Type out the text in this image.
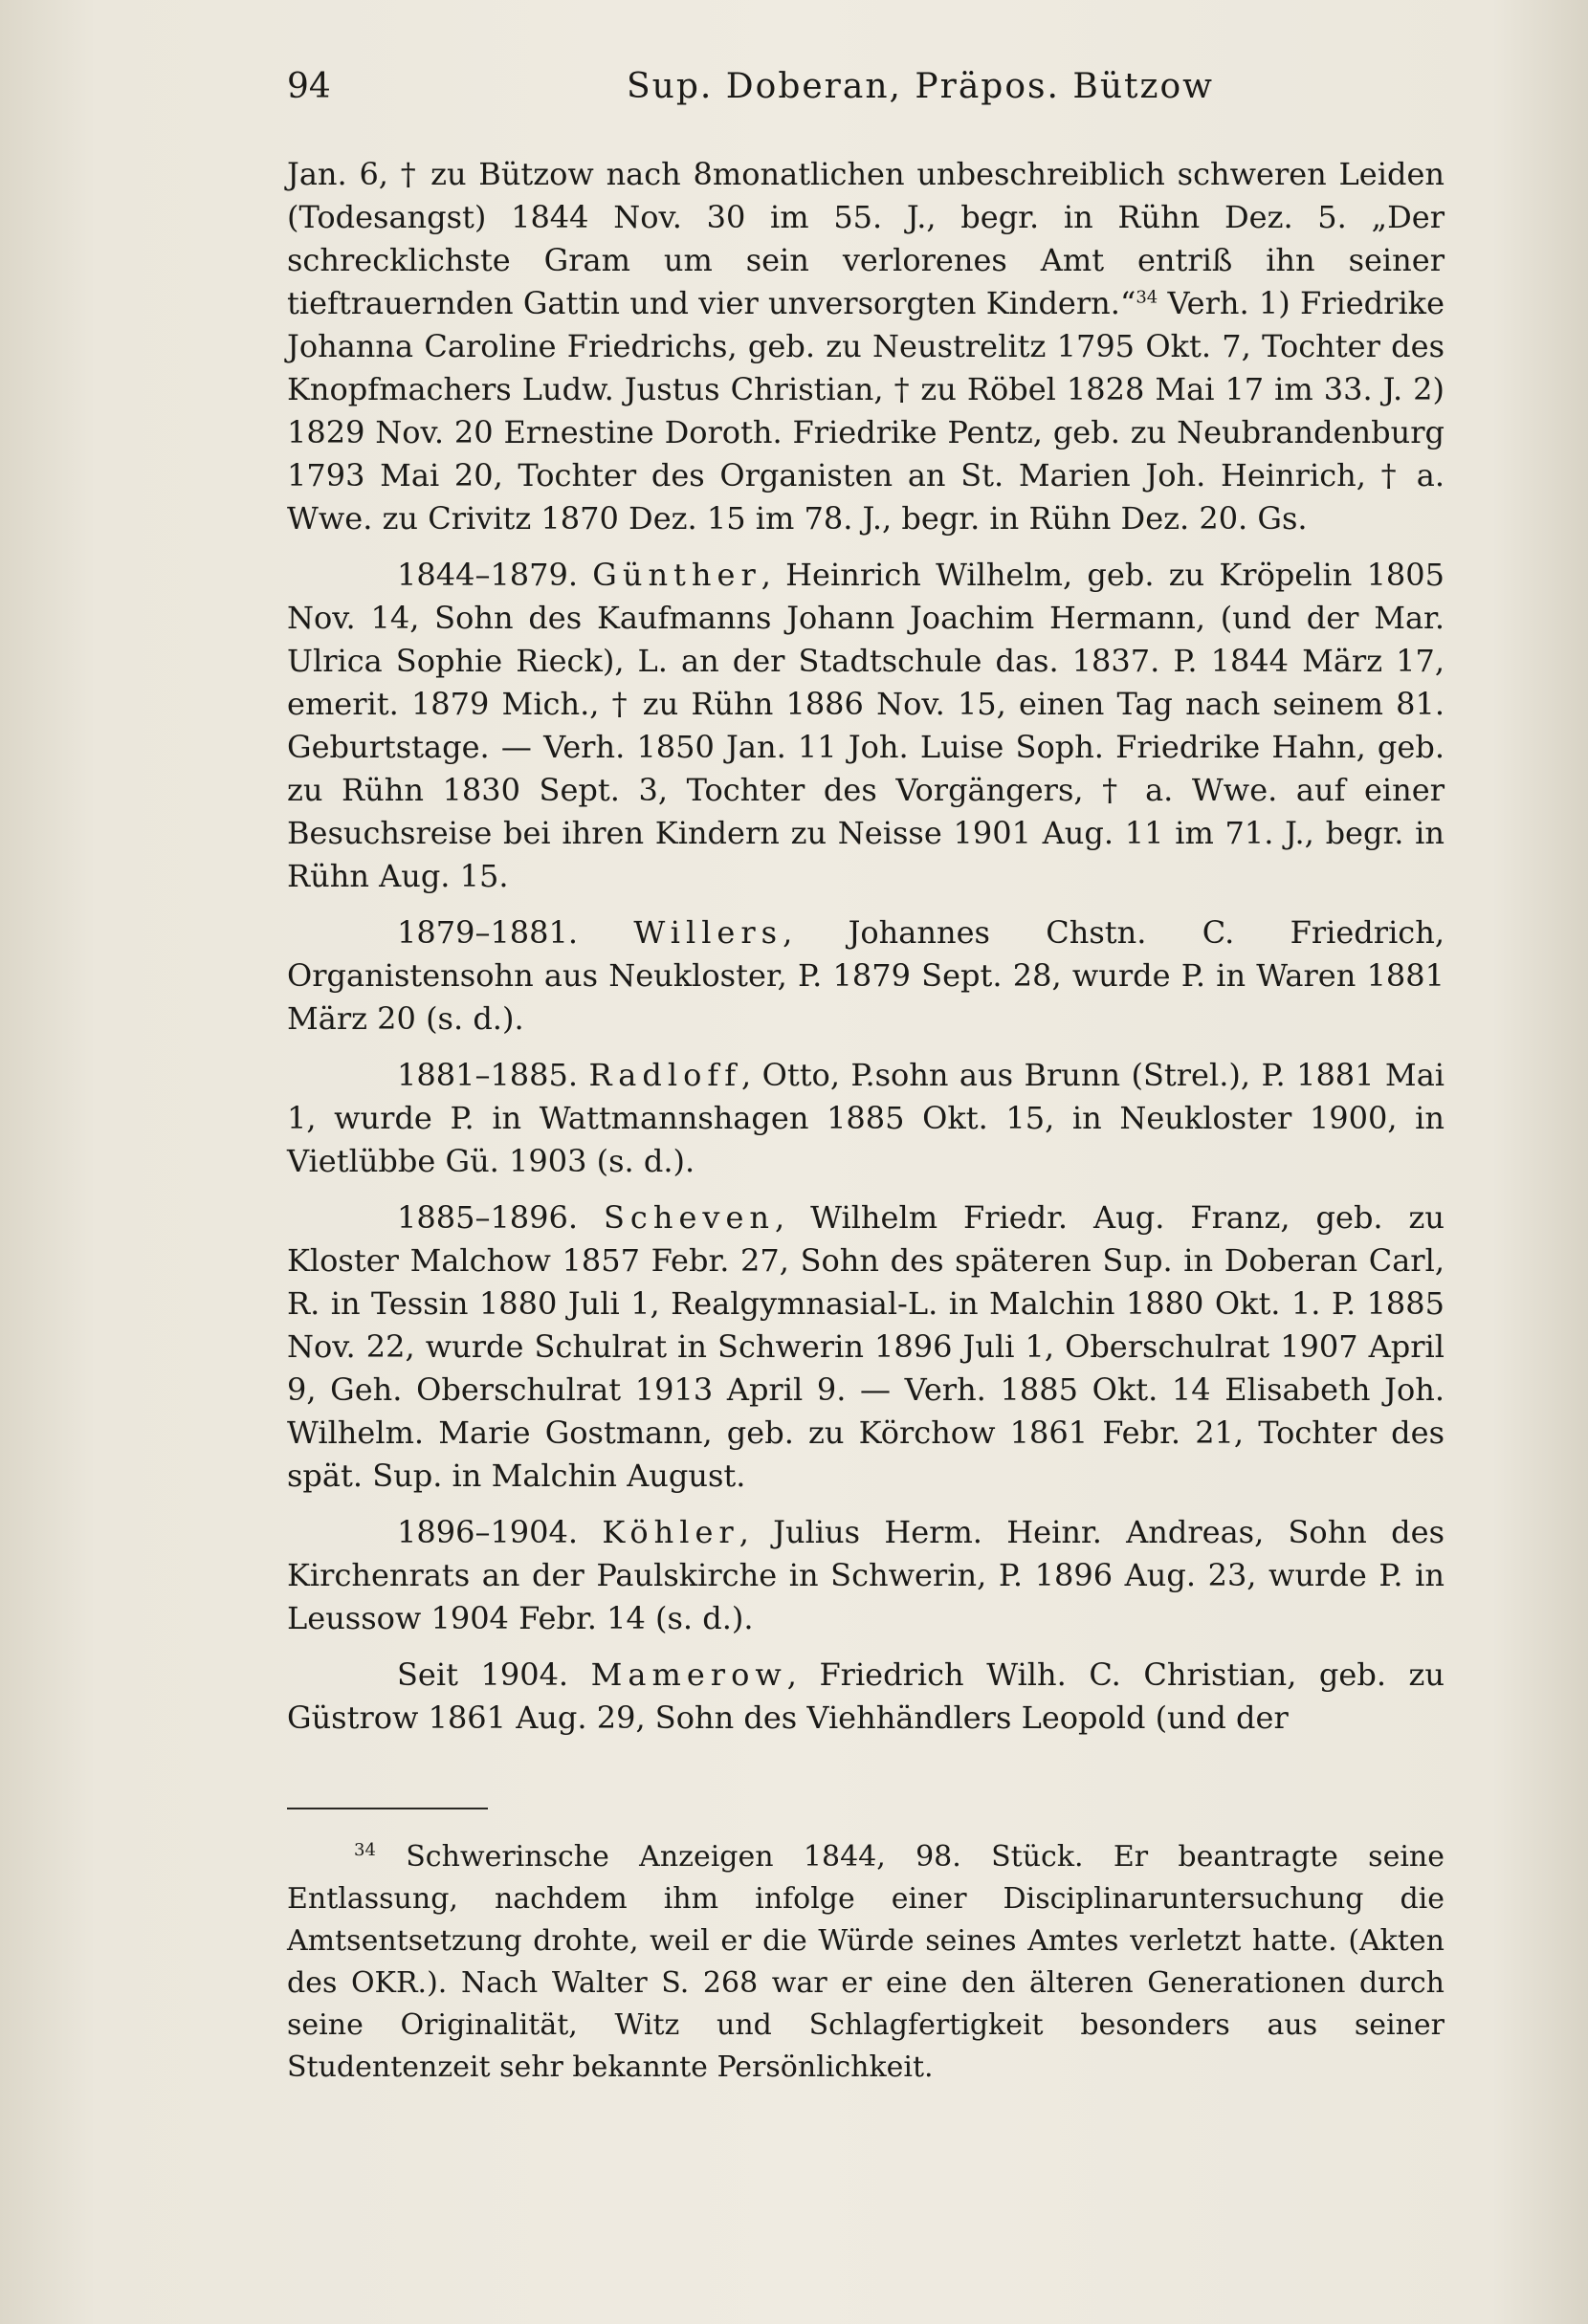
94	Sup. Doberan, Präpos. Bützow

Jan. 6, † zu Bützow nach 8monatlichen unbeschreiblich schweren Leiden (Todesangst) 1844 Nov. 30 im 55. J., begr. in Rühn Dez. 5. „Der schrecklichste Gram um sein verlorenes Amt entriß ihn seiner tieftrauernden Gattin und vier unversorgten Kindern.“$^{34}$ Verh. 1) Friedrike Johanna Caroline Friedrichs, geb. zu Neustrelitz 1795 Okt. 7, Tochter des Knopfmachers Ludw. Justus Christian, † zu Röbel 1828 Mai 17 im 33. J. 2) 1829 Nov. 20 Ernestine Doroth. Friedrike Pentz, geb. zu Neubrandenburg 1793 Mai 20, Tochter des Organisten an St. Marien Joh. Heinrich, † a. Wwe. zu Crivitz 1870 Dez. 15 im 78. J., begr. in Rühn Dez. 20. Gs.

1844–1879. Günther, Heinrich Wilhelm, geb. zu Kröpelin 1805 Nov. 14, Sohn des Kaufmanns Johann Joachim Hermann, (und der Mar. Ulrica Sophie Rieck), L. an der Stadtschule das. 1837. P. 1844 März 17, emerit. 1879 Mich., † zu Rühn 1886 Nov. 15, einen Tag nach seinem 81. Geburtstage. — Verh. 1850 Jan. 11 Joh. Luise Soph. Friedrike Hahn, geb. zu Rühn 1830 Sept. 3, Tochter des Vorgängers, † a. Wwe. auf einer Besuchsreise bei ihren Kindern zu Neisse 1901 Aug. 11 im 71. J., begr. in Rühn Aug. 15.

1879–1881. Willers, Johannes Chstn. C. Friedrich, Organistensohn aus Neukloster, P. 1879 Sept. 28, wurde P. in Waren 1881 März 20 (s. d.).

1881–1885. Radloff, Otto, P.sohn aus Brunn (Strel.), P. 1881 Mai 1, wurde P. in Wattmannshagen 1885 Okt. 15, in Neukloster 1900, in Vietlübbe Gü. 1903 (s. d.).

1885–1896. Scheven, Wilhelm Friedr. Aug. Franz, geb. zu Kloster Malchow 1857 Febr. 27, Sohn des späteren Sup. in Doberan Carl, R. in Tessin 1880 Juli 1, Realgymnasial-L. in Malchin 1880 Okt. 1. P. 1885 Nov. 22, wurde Schulrat in Schwerin 1896 Juli 1, Oberschulrat 1907 April 9, Geh. Oberschulrat 1913 April 9. — Verh. 1885 Okt. 14 Elisabeth Joh. Wilhelm. Marie Gostmann, geb. zu Körchow 1861 Febr. 21, Tochter des spät. Sup. in Malchin August.

1896–1904. Köhler, Julius Herm. Heinr. Andreas, Sohn des Kirchenrats an der Paulskirche in Schwerin, P. 1896 Aug. 23, wurde P. in Leussow 1904 Febr. 14 (s. d.).

Seit 1904. Mamerow, Friedrich Wilh. C. Christian, geb. zu Güstrow 1861 Aug. 29, Sohn des Viehhändlers Leopold (und der

$^{34}$ Schwerinsche Anzeigen 1844, 98. Stück. Er beantragte seine Entlassung, nachdem ihm infolge einer Disciplinaruntersuchung die Amtsentsetzung drohte, weil er die Würde seines Amtes verletzt hatte. (Akten des OKR.). Nach Walter S. 268 war er eine den älteren Generationen durch seine Originalität, Witz und Schlagfertigkeit besonders aus seiner Studentenzeit sehr bekannte Persönlichkeit.
